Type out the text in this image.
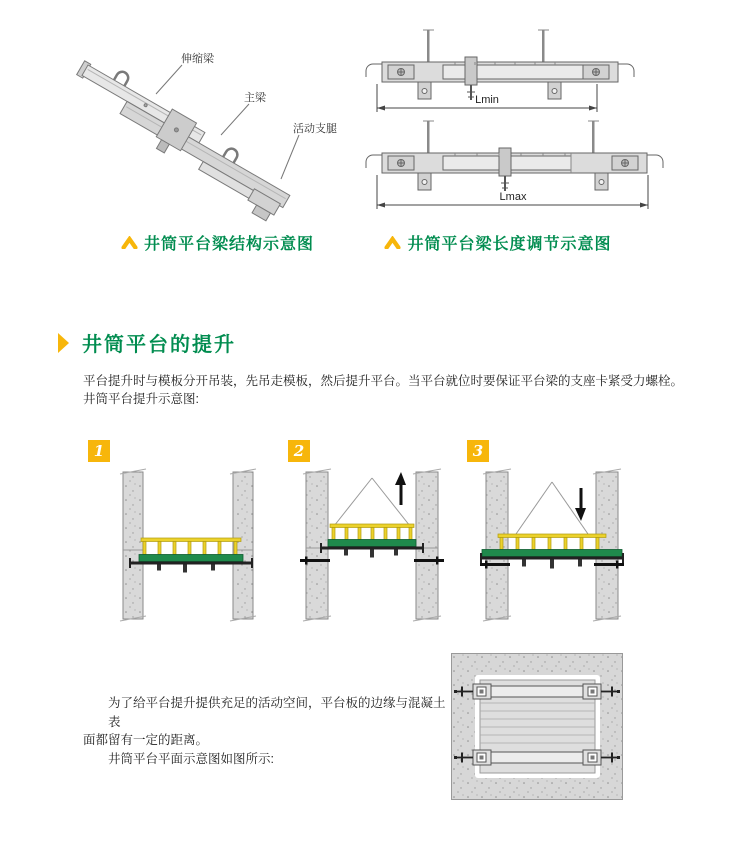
伸缩梁
主梁
活动支腿
Lmin
Lmax
井筒平台梁结构示意图	井筒平台梁长度调节示意图
井筒平台的提升
平台提升时与模板分开吊装，先吊走模板，然后提升平台。当平台就位时要保证平台梁的支座卡紧受力螺栓。
井筒平台提升示意图:
1	2	3
为了给平台提升提供充足的活动空间，平台板的边缘与混凝土表
面都留有一定的距离。
井筒平台平面示意图如图所示:
